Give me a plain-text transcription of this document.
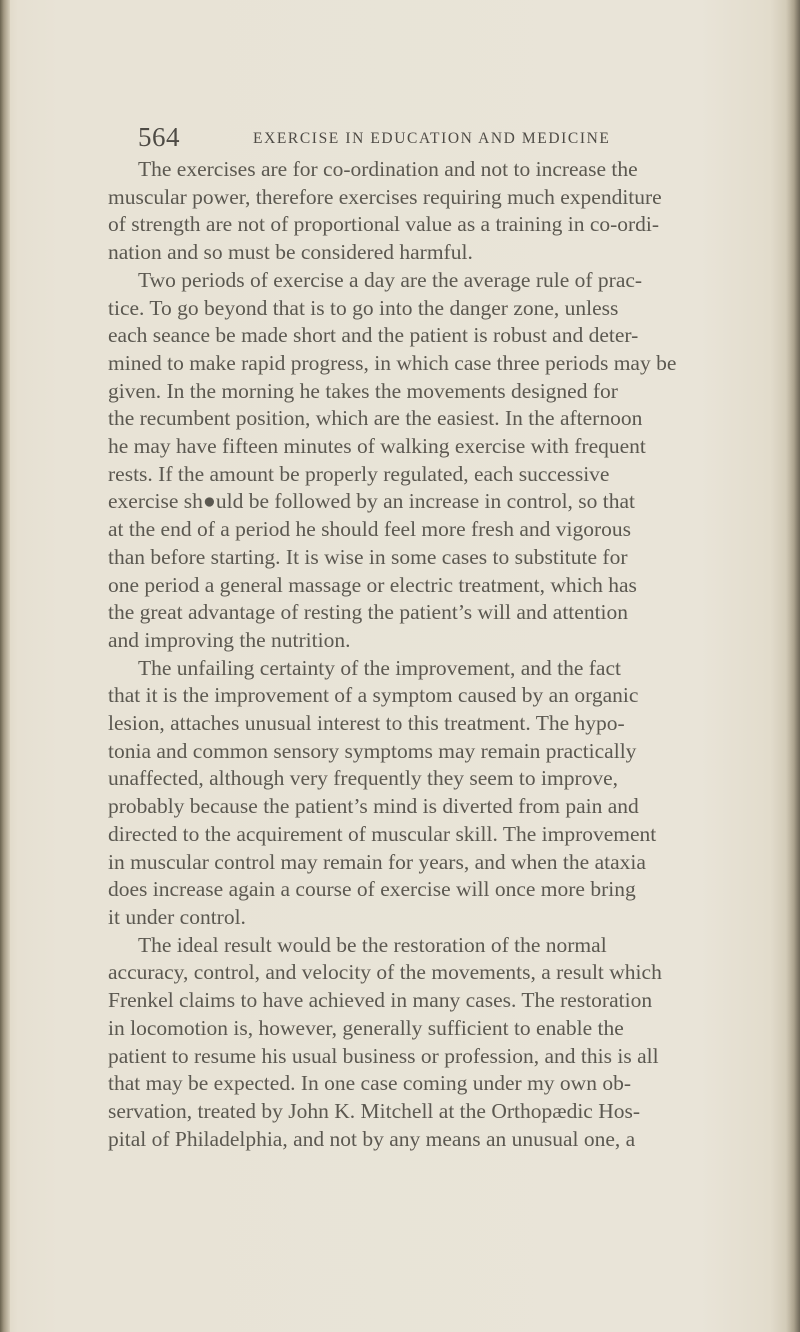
564	EXERCISE IN EDUCATION AND MEDICINE
The exercises are for co-ordination and not to increase the
muscular power, therefore exercises requiring much expenditure
of strength are not of proportional value as a training in co-ordi-
nation and so must be considered harmful.
Two periods of exercise a day are the average rule of prac-
tice. To go beyond that is to go into the danger zone, unless
each seance be made short and the patient is robust and deter-
mined to make rapid progress, in which case three periods may be
given. In the morning he takes the movements designed for
the recumbent position, which are the easiest. In the afternoon
he may have fifteen minutes of walking exercise with frequent
rests. If the amount be properly regulated, each successive
exercise sh●uld be followed by an increase in control, so that
at the end of a period he should feel more fresh and vigorous
than before starting. It is wise in some cases to substitute for
one period a general massage or electric treatment, which has
the great advantage of resting the patient’s will and attention
and improving the nutrition.
The unfailing certainty of the improvement, and the fact
that it is the improvement of a symptom caused by an organic
lesion, attaches unusual interest to this treatment. The hypo-
tonia and common sensory symptoms may remain practically
unaffected, although very frequently they seem to improve,
probably because the patient’s mind is diverted from pain and
directed to the acquirement of muscular skill. The improvement
in muscular control may remain for years, and when the ataxia
does increase again a course of exercise will once more bring
it under control.
The ideal result would be the restoration of the normal
accuracy, control, and velocity of the movements, a result which
Frenkel claims to have achieved in many cases. The restoration
in locomotion is, however, generally sufficient to enable the
patient to resume his usual business or profession, and this is all
that may be expected. In one case coming under my own ob-
servation, treated by John K. Mitchell at the Orthopædic Hos-
pital of Philadelphia, and not by any means an unusual one, a
